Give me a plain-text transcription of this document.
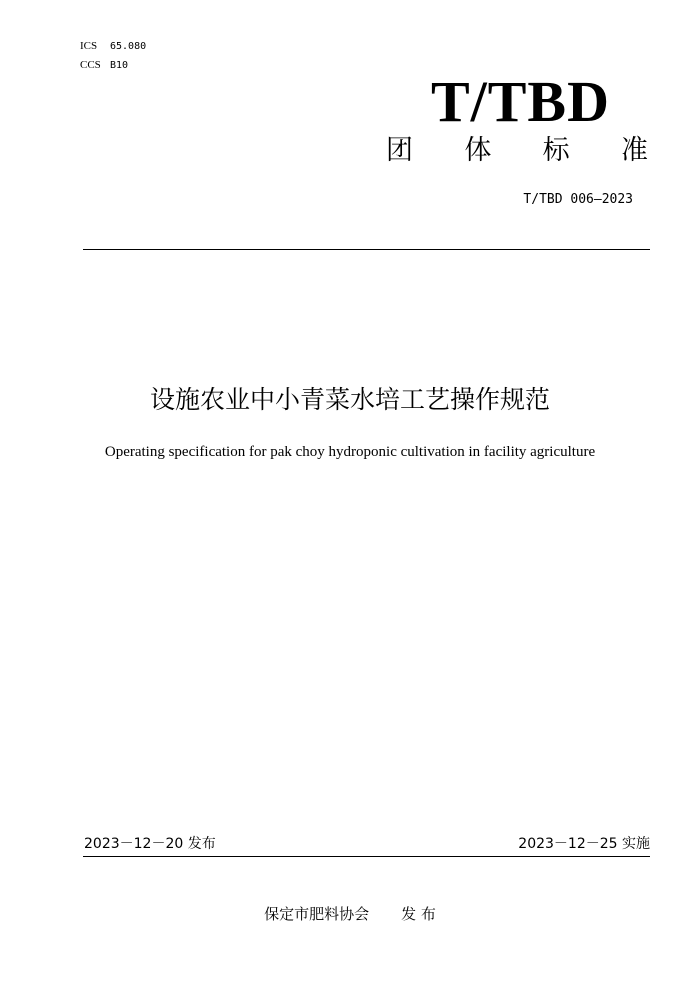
ICS 65.080
CCS B10
T/TBD
团 体 标 准
T/TBD 006—2023
设施农业中小青菜水培工艺操作规范
Operating specification for pak choy hydroponic cultivation in facility agriculture
2023－12－20 发布	2023－12－25 实施
保定市肥料协会 发 布
